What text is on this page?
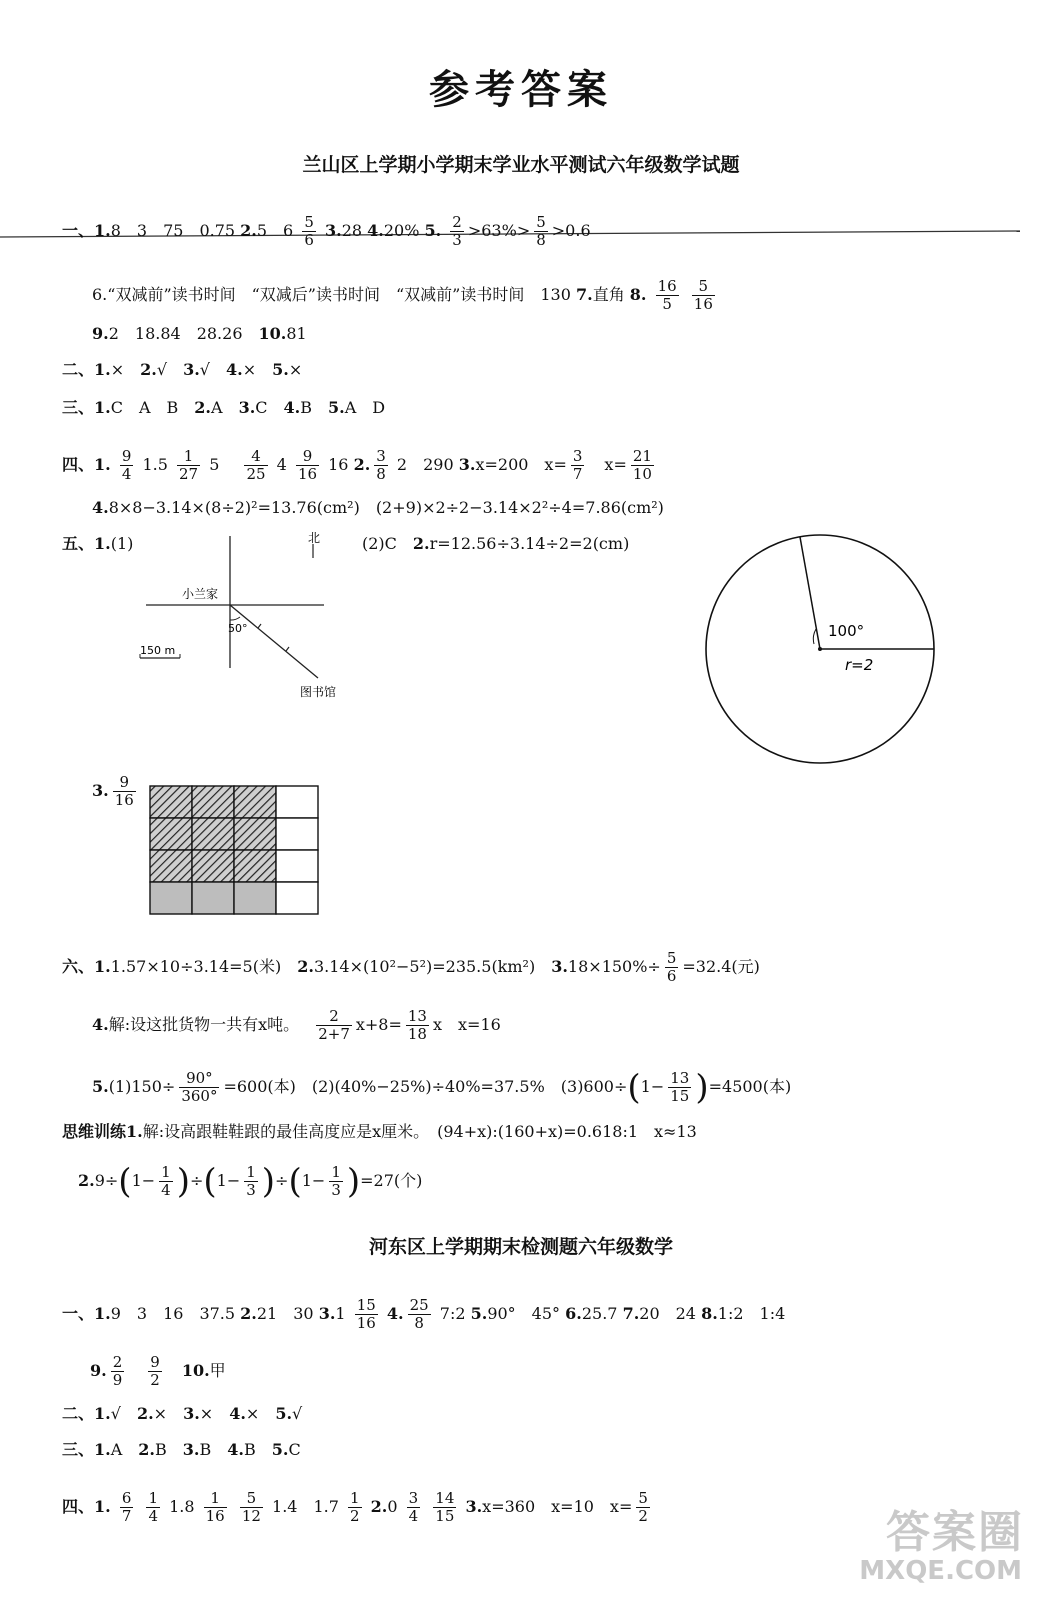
参考答案
兰山区上学期小学期末学业水平测试六年级数学试题
一、1.8　3　75　0.75 2.5　$6 \frac{5}{6} 3.28$ 4.20% 5. $\frac{2}{3} >63\%> \frac{5}{8} >0.6$
6.“双减前”读书时间　“双减后”读书时间　“双减前”读书时间　130 7.直角 8. $\frac{16}{5}$
$\frac{5}{16}$
9.2　18.84　28.26　 10.81
二、1.×　 2.√　 3.√　 4.×　 5.×
三、1.C　A　B　 2.A　 3.C　 4.B　 5.A　D
四、1. $\frac{9}{4} 1.5 \frac{1}{27} 5$　 $\frac{4}{25} 4 \frac{9}{16} 16$ 2. $\frac{3}{8} 2$　290 3.x=200　$x= \frac{3}{7}$
　 $x= \frac{21}{10}$
4.8×8−3.14×(8÷2)²=13.76(cm²)　(2+9)×2÷2−3.14×2²÷4=7.86(cm²)
五、1.(1)	(2)C　 2.r=12.56÷3.14÷2=2(cm)
北
小兰家
50°
150 m
图书馆
100°
r=2
3. $\frac{9}{16}$
六、1.1.57×10÷3.14=5(米)　 2.3.14×(10²−5²)=235.5(km²)　 $3.18\times 150\%\div \frac{5}{6} =32.4$(元)
4.解:设这批货物一共有x吨。　 $\frac{2}{2+7} x+8= \frac{13}{18}$ x　x=16
$5.(1)150\div \frac{90^\circ}{360^\circ} =600$(本)　(2)(40%−25%)÷40%=37.5%　$(3)600\div(1- \frac{13}{15} )=4500$(本)
思维训练1.解:设高跟鞋鞋跟的最佳高度应是x厘米。　(94+x):(160+x)=0.618:1　x≈13
$2.9\div(1- \frac{1}{4} )\div(1- \frac{1}{3} )\div(1- \frac{1}{3} )=27$(个)
河东区上学期期末检测题六年级数学
一、1.9　3　16　37.5 2.21　30 $3.1 \frac{15}{16} 4$. $\frac{25}{8}$ 7:2 5.90°　45° 6.25.7 7.20　24 8.1:2　1:4
9. $\frac{2}{9}$
　 $\frac{9}{2}$
　 10.甲
二、1.√　 2.×　 3.×　 4.×　 5.√
三、1.A　 2.B　 3.B　 4.B　 5.C
四、1. $\frac{6}{7}$
$\frac{1}{4} 1.8 \frac{1}{16}$
$\frac{5}{12} 1.4$　$1.7 \frac{1}{2} 2.0 \frac{3}{4}$
$\frac{14}{15} 3.x=360$　x=10　$x= \frac{5}{2}$	答案圈
MXQE.COM
